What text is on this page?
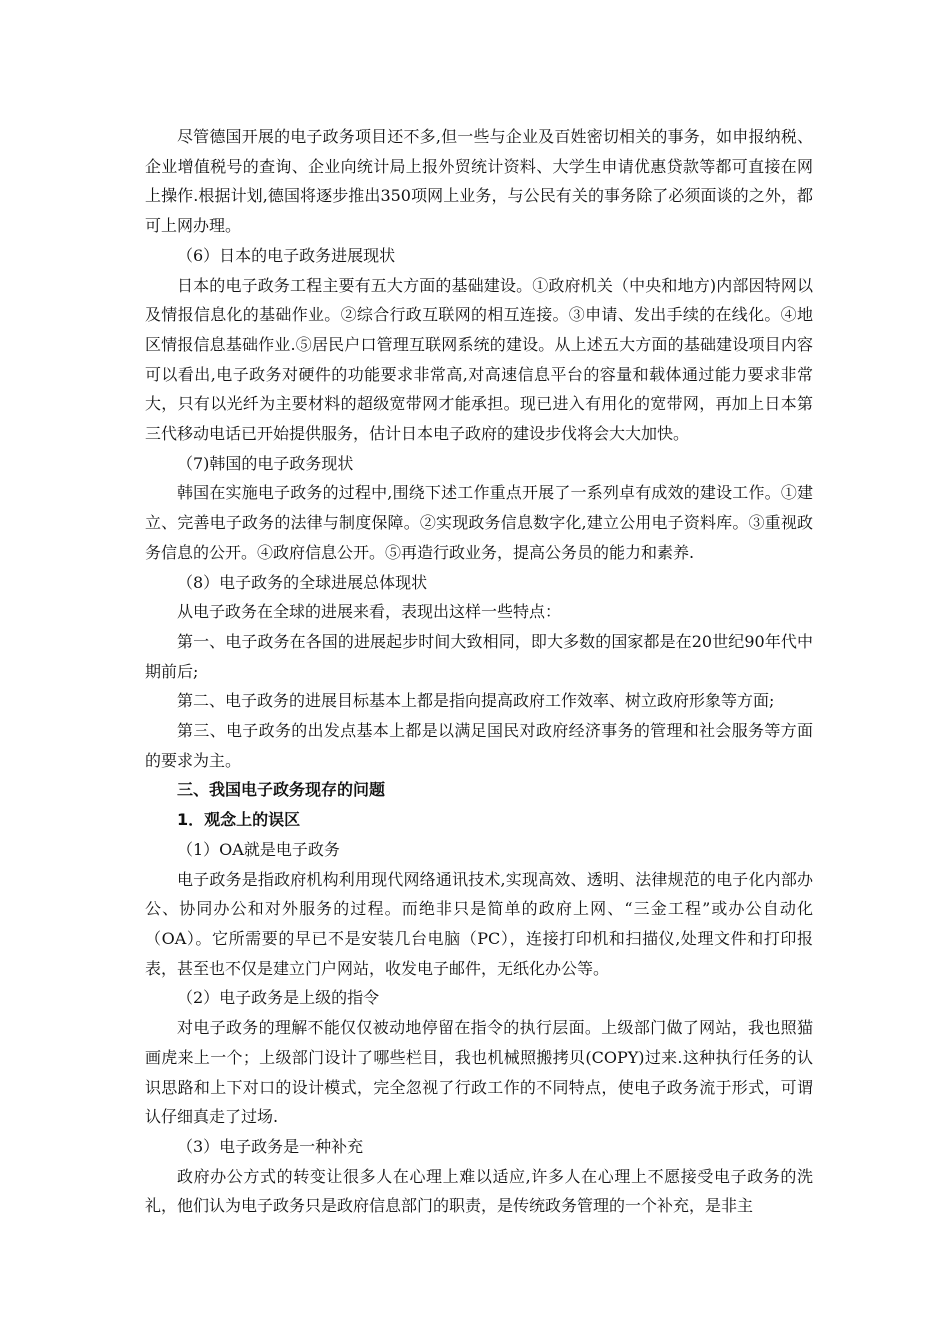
尽管德国开展的电子政务项目还不多,但一些与企业及百姓密切相关的事务，如申报纳税、企业增值税号的查询、企业向统计局上报外贸统计资料、大学生申请优惠贷款等都可直接在网上操作.根据计划,德国将逐步推出350项网上业务，与公民有关的事务除了必须面谈的之外，都可上网办理。

（6）日本的电子政务进展现状

日本的电子政务工程主要有五大方面的基础建设。①政府机关（中央和地方)内部因特网以及情报信息化的基础作业。②综合行政互联网的相互连接。③申请、发出手续的在线化。④地区情报信息基础作业.⑤居民户口管理互联网系统的建设。从上述五大方面的基础建设项目内容可以看出,电子政务对硬件的功能要求非常高,对高速信息平台的容量和载体通过能力要求非常大，只有以光纤为主要材料的超级宽带网才能承担。现已进入有用化的宽带网，再加上日本第三代移动电话已开始提供服务，估计日本电子政府的建设步伐将会大大加快。

（7)韩国的电子政务现状

韩国在实施电子政务的过程中,围绕下述工作重点开展了一系列卓有成效的建设工作。①建立、完善电子政务的法律与制度保障。②实现政务信息数字化,建立公用电子资料库。③重视政务信息的公开。④政府信息公开。⑤再造行政业务，提高公务员的能力和素养.

（8）电子政务的全球进展总体现状

从电子政务在全球的进展来看，表现出这样一些特点：

第一、电子政务在各国的进展起步时间大致相同，即大多数的国家都是在20世纪90年代中期前后;

第二、电子政务的进展目标基本上都是指向提高政府工作效率、树立政府形象等方面;

第三、电子政务的出发点基本上都是以满足国民对政府经济事务的管理和社会服务等方面的要求为主。

三、我国电子政务现存的问题

1．观念上的误区

（1）OA就是电子政务

电子政务是指政府机构利用现代网络通讯技术,实现高效、透明、法律规范的电子化内部办公、协同办公和对外服务的过程。而绝非只是简单的政府上网、“三金工程”或办公自动化（OA）。它所需要的早已不是安装几台电脑（PC），连接打印机和扫描仪,处理文件和打印报表，甚至也不仅是建立门户网站，收发电子邮件，无纸化办公等。

（2）电子政务是上级的指令

对电子政务的理解不能仅仅被动地停留在指令的执行层面。上级部门做了网站，我也照猫画虎来上一个；上级部门设计了哪些栏目，我也机械照搬拷贝(COPY)过来.这种执行任务的认识思路和上下对口的设计模式，完全忽视了行政工作的不同特点，使电子政务流于形式，可谓认仔细真走了过场.

（3）电子政务是一种补充

政府办公方式的转变让很多人在心理上难以适应,许多人在心理上不愿接受电子政务的洗礼，他们认为电子政务只是政府信息部门的职责，是传统政务管理的一个补充，是非主
